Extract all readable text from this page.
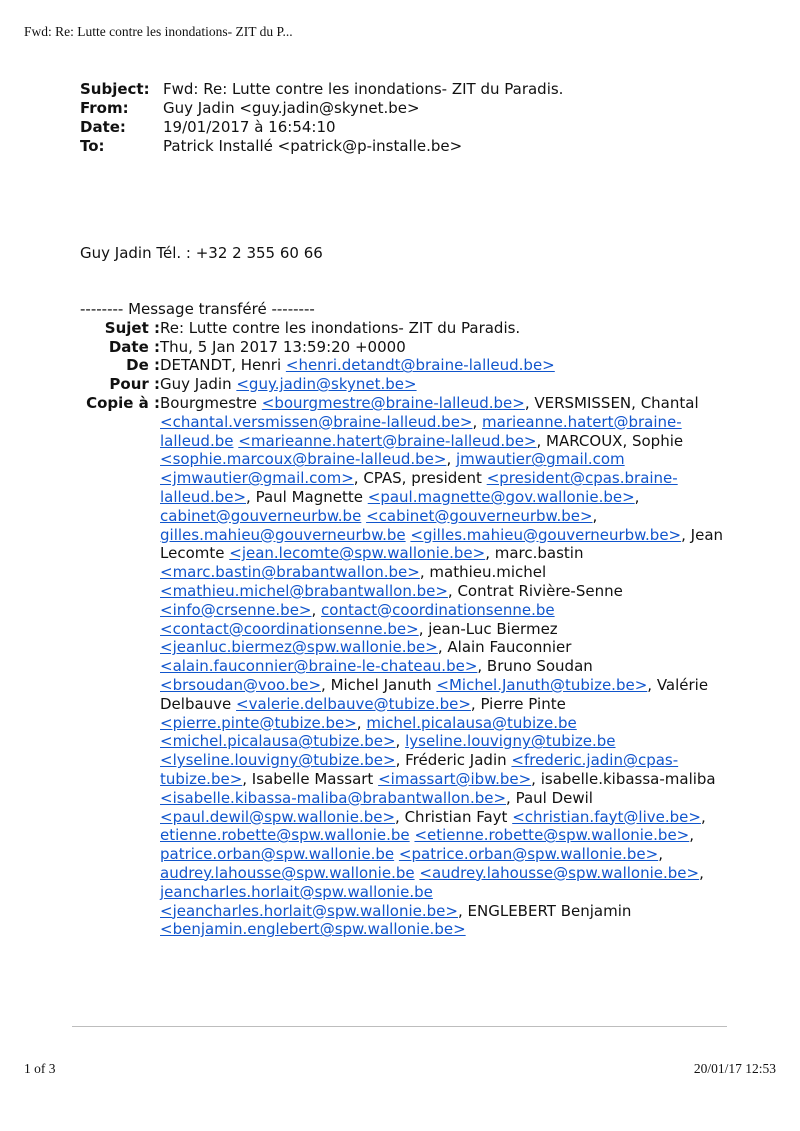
Fwd: Re: Lutte contre les inondations- ZIT du P...
Subject: Fwd: Re: Lutte contre les inondations- ZIT du Paradis.
From:	Guy Jadin <guy.jadin@skynet.be>
Date:	19/01/2017 à 16:54:10
To:	Patrick Installé <patrick@p-installe.be>
Guy Jadin Tél. : +32 2 355 60 66
-------- Message transféré --------
Sujet : Re: Lutte contre les inondations- ZIT du Paradis.
Date : Thu, 5 Jan 2017 13:59:20 +0000
De : DETANDT, Henri <henri.detandt@braine-lalleud.be>
Pour : Guy Jadin <guy.jadin@skynet.be>
Copie à : Bourgmestre <bourgmestre@braine-lalleud.be>, VERSMISSEN, Chantal <chantal.versmissen@braine-lalleud.be>, marieanne.hatert@braine-lalleud.be <marieanne.hatert@braine-lalleud.be>, MARCOUX, Sophie <sophie.marcoux@braine-lalleud.be>, jmwautier@gmail.com <jmwautier@gmail.com>, CPAS, president <president@cpas.braine-lalleud.be>, Paul Magnette <paul.magnette@gov.wallonie.be>, cabinet@gouverneurbw.be <cabinet@gouverneurbw.be>, gilles.mahieu@gouverneurbw.be <gilles.mahieu@gouverneurbw.be>, Jean Lecomte <jean.lecomte@spw.wallonie.be>, marc.bastin <marc.bastin@brabantwallon.be>, mathieu.michel <mathieu.michel@brabantwallon.be>, Contrat Rivière-Senne <info@crsenne.be>, contact@coordinationsenne.be <contact@coordinationsenne.be>, jean-Luc Biermez <jeanluc.biermez@spw.wallonie.be>, Alain Fauconnier <alain.fauconnier@braine-le-chateau.be>, Bruno Soudan <brsoudan@voo.be>, Michel Januth <Michel.Januth@tubize.be>, Valérie Delbauve <valerie.delbauve@tubize.be>, Pierre Pinte <pierre.pinte@tubize.be>, michel.picalausa@tubize.be <michel.picalausa@tubize.be>, lyseline.louvigny@tubize.be <lyseline.louvigny@tubize.be>, Fréderic Jadin <frederic.jadin@cpas-tubize.be>, Isabelle Massart <imassart@ibw.be>, isabelle.kibassa-maliba <isabelle.kibassa-maliba@brabantwallon.be>, Paul Dewil <paul.dewil@spw.wallonie.be>, Christian Fayt <christian.fayt@live.be>, etienne.robette@spw.wallonie.be <etienne.robette@spw.wallonie.be>, patrice.orban@spw.wallonie.be <patrice.orban@spw.wallonie.be>, audrey.lahousse@spw.wallonie.be <audrey.lahousse@spw.wallonie.be>, jeancharles.horlait@spw.wallonie.be <jeancharles.horlait@spw.wallonie.be>, ENGLEBERT Benjamin <benjamin.englebert@spw.wallonie.be>
1 of 3	20/01/17 12:53
